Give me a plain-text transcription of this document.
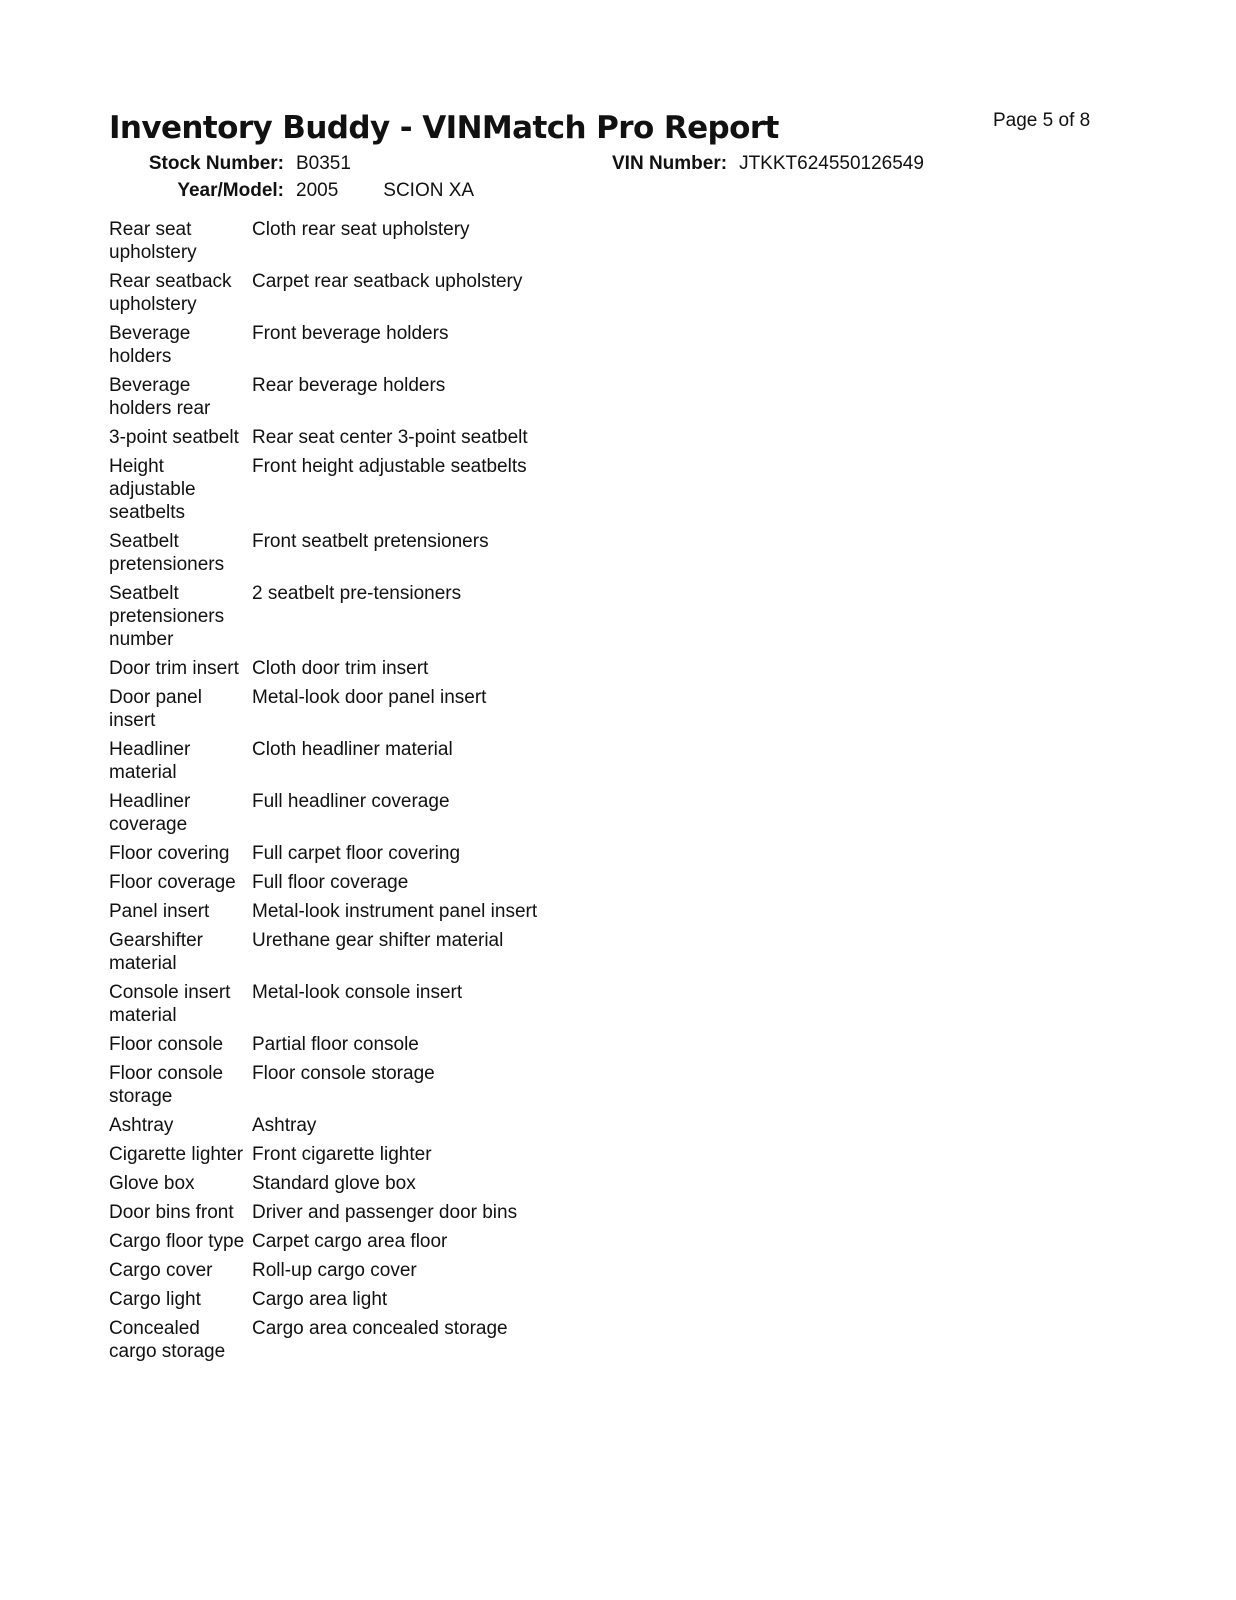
Inventory Buddy - VINMatch Pro Report	Page 5 of 8
Stock Number: B0351
Year/Model: 2005 SCION XA
VIN Number: JTKKT624550126549
Rear seat upholstery	Cloth rear seat upholstery
Rear seatback upholstery	Carpet rear seatback upholstery
Beverage holders	Front beverage holders
Beverage holders rear	Rear beverage holders
3-point seatbelt	Rear seat center 3-point seatbelt
Height adjustable seatbelts	Front height adjustable seatbelts
Seatbelt pretensioners	Front seatbelt pretensioners
Seatbelt pretensioners number	2 seatbelt pre-tensioners
Door trim insert	Cloth door trim insert
Door panel insert	Metal-look door panel insert
Headliner material	Cloth headliner material
Headliner coverage	Full headliner coverage
Floor covering	Full carpet floor covering
Floor coverage	Full floor coverage
Panel insert	Metal-look instrument panel insert
Gearshifter material	Urethane gear shifter material
Console insert material	Metal-look console insert
Floor console	Partial floor console
Floor console storage	Floor console storage
Ashtray	Ashtray
Cigarette lighter	Front cigarette lighter
Glove box	Standard glove box
Door bins front	Driver and passenger door bins
Cargo floor type	Carpet cargo area floor
Cargo cover	Roll-up cargo cover
Cargo light	Cargo area light
Concealed cargo storage	Cargo area concealed storage
